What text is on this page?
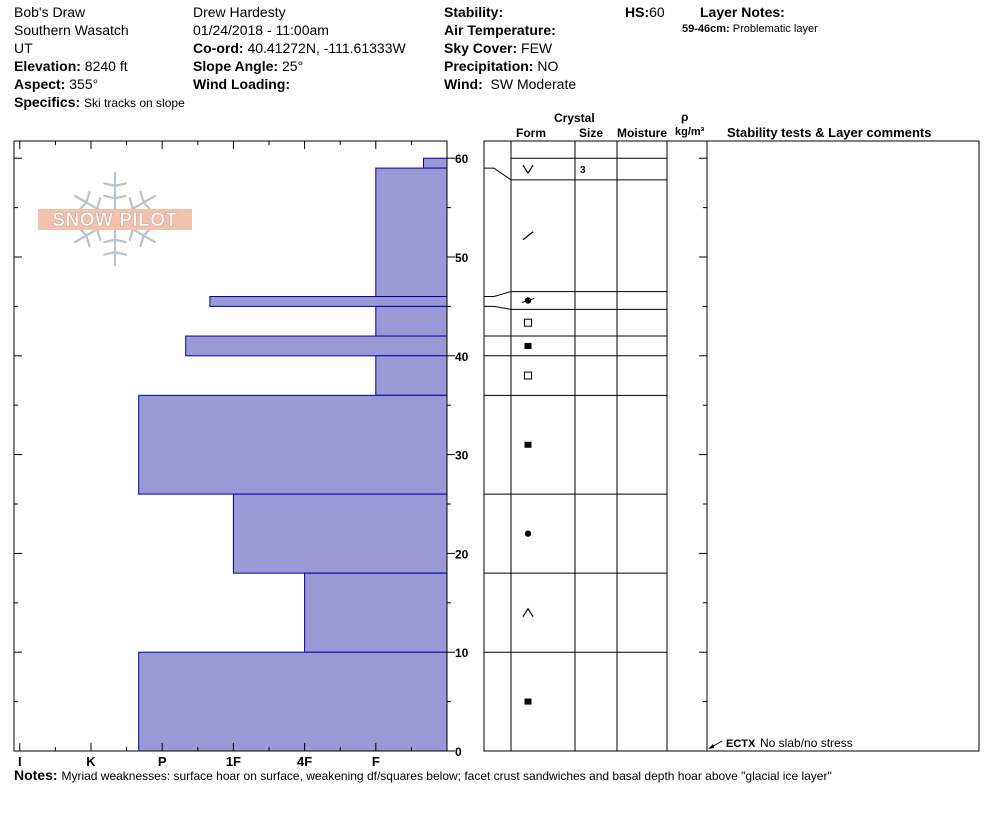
Bob's Draw
Southern Wasatch
UT
Elevation: 8240 ft
Aspect: 355°
Specifics: Ski tracks on slope
Drew Hardesty
01/24/2018 - 11:00am
Co-ord: 40.41272N, -111.61333W
Slope Angle: 25°
Wind Loading:
Stability:
Air Temperature:
Sky Cover: FEW
Precipitation: NO
Wind: SW Moderate
HS:60	Layer Notes:
59-46cm: Problematic layer
SNOW PILOT
0
10
20
30
40
50
60
I	K	P	1F	4F	F
3
Crystal
Form	Size Moisture
ρ
kg/m³ Stability tests & Layer comments
ECTX No slab/no stress
Notes: Myriad weaknesses: surface hoar on surface, weakening df/squares below; facet crust sandwiches and basal depth hoar above "glacial ice layer"
